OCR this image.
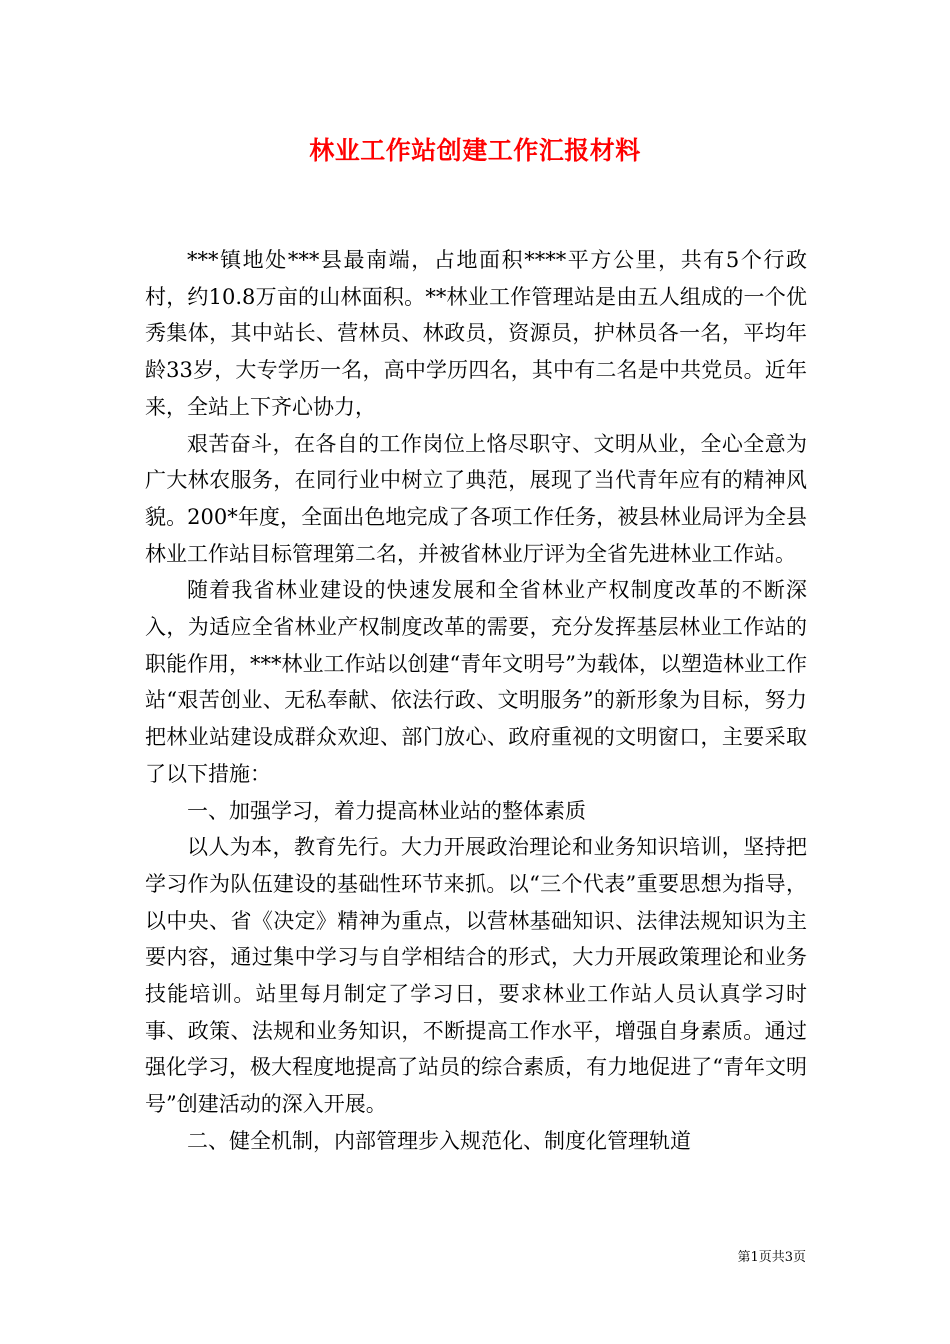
林业工作站创建工作汇报材料

***镇地处***县最南端，占地面积****平方公里，共有5个行政村，约10.8万亩的山林面积。**林业工作管理站是由五人组成的一个优秀集体，其中站长、营林员、林政员，资源员，护林员各一名，平均年龄33岁，大专学历一名，高中学历四名，其中有二名是中共党员。近年来，全站上下齐心协力，

艰苦奋斗，在各自的工作岗位上恪尽职守、文明从业，全心全意为广大林农服务，在同行业中树立了典范，展现了当代青年应有的精神风貌。200*年度，全面出色地完成了各项工作任务，被县林业局评为全县林业工作站目标管理第二名，并被省林业厅评为全省先进林业工作站。

随着我省林业建设的快速发展和全省林业产权制度改革的不断深入，为适应全省林业产权制度改革的需要，充分发挥基层林业工作站的职能作用，***林业工作站以创建“青年文明号”为载体，以塑造林业工作站“艰苦创业、无私奉献、依法行政、文明服务”的新形象为目标，努力把林业站建设成群众欢迎、部门放心、政府重视的文明窗口，主要采取了以下措施：

一、加强学习，着力提高林业站的整体素质

以人为本，教育先行。大力开展政治理论和业务知识培训，坚持把学习作为队伍建设的基础性环节来抓。以“三个代表”重要思想为指导，以中央、省《决定》精神为重点，以营林基础知识、法律法规知识为主要内容，通过集中学习与自学相结合的形式，大力开展政策理论和业务技能培训。站里每月制定了学习日，要求林业工作站人员认真学习时事、政策、法规和业务知识，不断提高工作水平，增强自身素质。通过强化学习，极大程度地提高了站员的综合素质，有力地促进了“青年文明号”创建活动的深入开展。

二、健全机制，内部管理步入规范化、制度化管理轨道

第1页共3页
